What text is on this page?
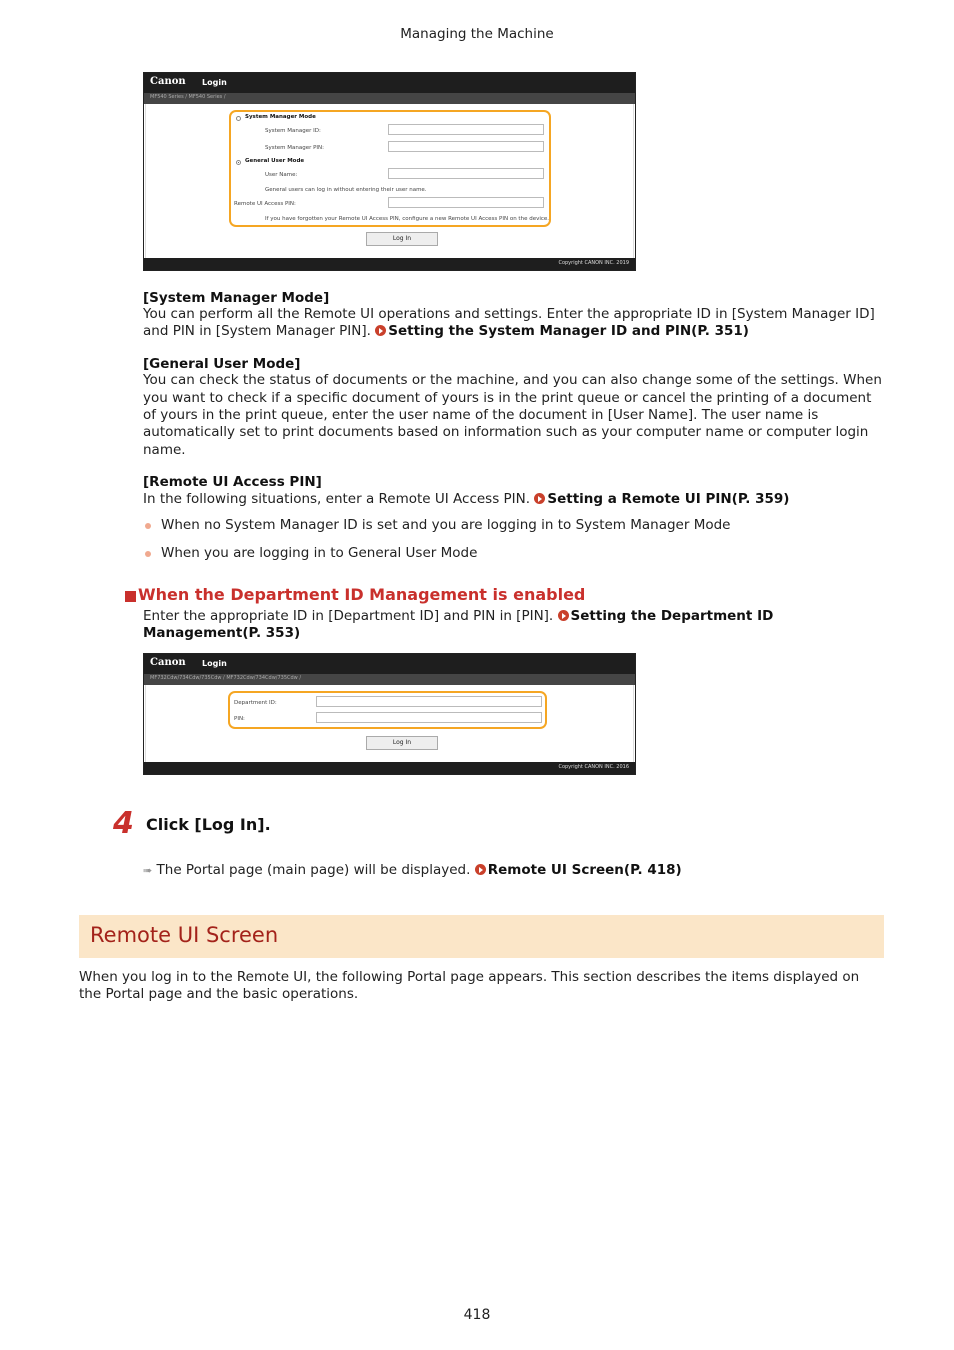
Managing the Machine
Canon Login
MF540 Series / MF540 Series /
System Manager Mode
System Manager ID:
System Manager PIN:
General User Mode
User Name:
General users can log in without entering their user name.
Remote UI Access PIN:
If you have forgotten your Remote UI Access PIN, configure a new Remote UI Access PIN on the device.
Log In
Copyright CANON INC. 2019
[System Manager Mode]
You can perform all the Remote UI operations and settings. Enter the appropriate ID in [System Manager ID]
and PIN in [System Manager PIN]. Setting the System Manager ID and PIN(P. 351)
[General User Mode]
You can check the status of documents or the machine, and you can also change some of the settings. When
you want to check if a specific document of yours is in the print queue or cancel the printing of a document
of yours in the print queue, enter the user name of the document in [User Name]. The user name is
automatically set to print documents based on information such as your computer name or computer login
name.
[Remote UI Access PIN]
In the following situations, enter a Remote UI Access PIN. Setting a Remote UI PIN(P. 359)
When no System Manager ID is set and you are logging in to System Manager Mode
When you are logging in to General User Mode
When the Department ID Management is enabled
Enter the appropriate ID in [Department ID] and PIN in [PIN]. Setting the Department ID
Management(P. 353)
Canon Login
MF732Cdw/734Cdw/735Cdw / MF732Cdw/734Cdw/735Cdw /
Department ID:
PIN:
Log In
Copyright CANON INC. 2016
4 Click [Log In].
➠ The Portal page (main page) will be displayed. Remote UI Screen(P. 418)
Remote UI Screen
When you log in to the Remote UI, the following Portal page appears. This section describes the items displayed on
the Portal page and the basic operations.
418
